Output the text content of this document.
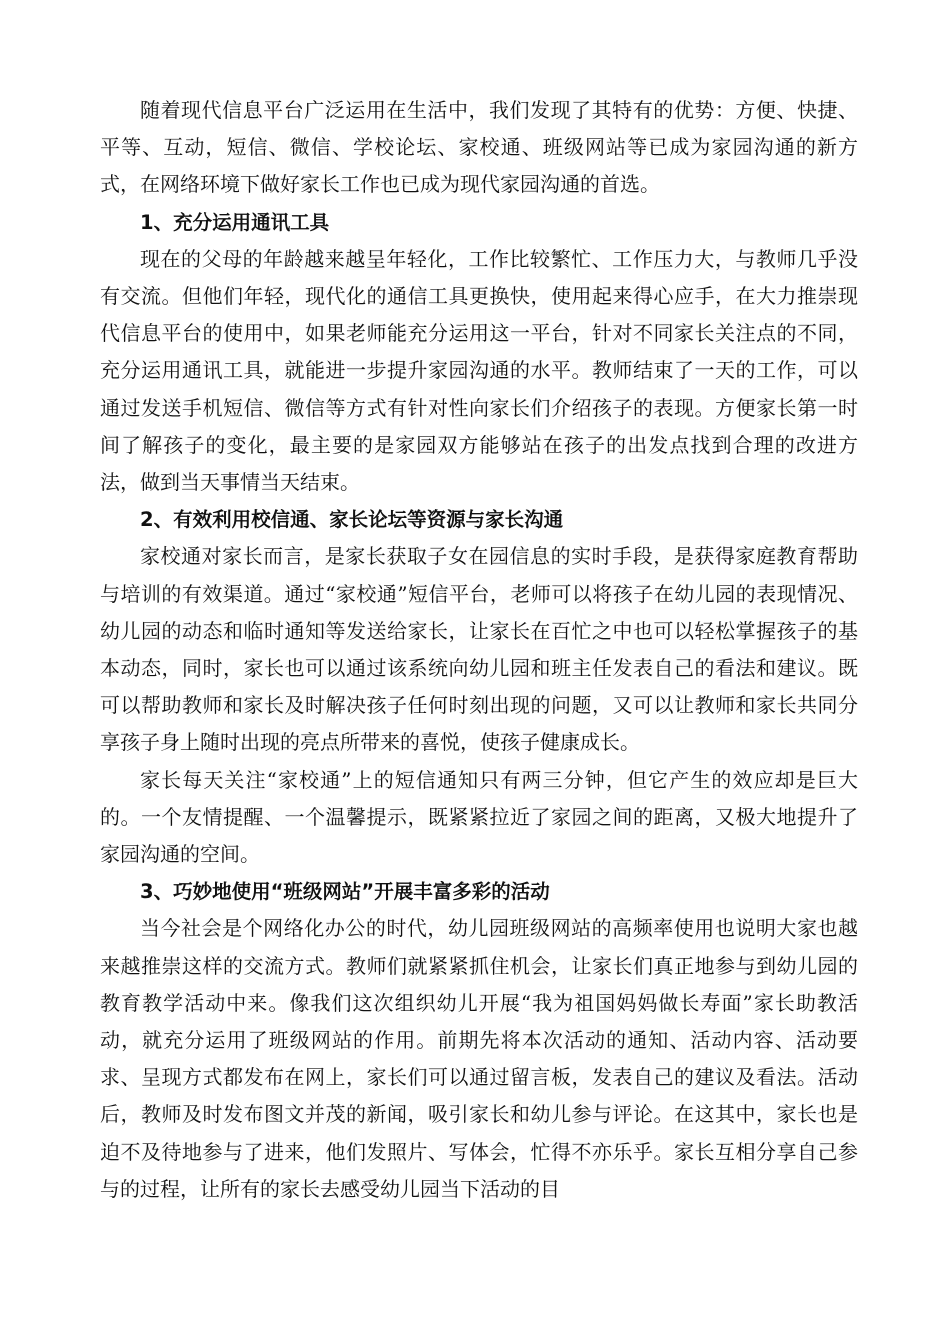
随着现代信息平台广泛运用在生活中，我们发现了其特有的优势：方便、快捷、平等、互动，短信、微信、学校论坛、家校通、班级网站等已成为家园沟通的新方式，在网络环境下做好家长工作也已成为现代家园沟通的首选。

1、充分运用通讯工具

现在的父母的年龄越来越呈年轻化，工作比较繁忙、工作压力大，与教师几乎没有交流。但他们年轻，现代化的通信工具更换快，使用起来得心应手，在大力推崇现代信息平台的使用中，如果老师能充分运用这一平台，针对不同家长关注点的不同，充分运用通讯工具，就能进一步提升家园沟通的水平。教师结束了一天的工作，可以通过发送手机短信、微信等方式有针对性向家长们介绍孩子的表现。方便家长第一时间了解孩子的变化，最主要的是家园双方能够站在孩子的出发点找到合理的改进方法，做到当天事情当天结束。

2、有效利用校信通、家长论坛等资源与家长沟通

家校通对家长而言，是家长获取子女在园信息的实时手段，是获得家庭教育帮助与培训的有效渠道。通过“家校通”短信平台，老师可以将孩子在幼儿园的表现情况、幼儿园的动态和临时通知等发送给家长，让家长在百忙之中也可以轻松掌握孩子的基本动态，同时，家长也可以通过该系统向幼儿园和班主任发表自己的看法和建议。既可以帮助教师和家长及时解决孩子任何时刻出现的问题，又可以让教师和家长共同分享孩子身上随时出现的亮点所带来的喜悦，使孩子健康成长。

家长每天关注“家校通”上的短信通知只有两三分钟，但它产生的效应却是巨大的。一个友情提醒、一个温馨提示，既紧紧拉近了家园之间的距离，又极大地提升了家园沟通的空间。

3、巧妙地使用“班级网站”开展丰富多彩的活动

当今社会是个网络化办公的时代，幼儿园班级网站的高频率使用也说明大家也越来越推崇这样的交流方式。教师们就紧紧抓住机会，让家长们真正地参与到幼儿园的教育教学活动中来。像我们这次组织幼儿开展“我为祖国妈妈做长寿面”家长助教活动，就充分运用了班级网站的作用。前期先将本次活动的通知、活动内容、活动要求、呈现方式都发布在网上，家长们可以通过留言板，发表自己的建议及看法。活动后，教师及时发布图文并茂的新闻，吸引家长和幼儿参与评论。在这其中，家长也是迫不及待地参与了进来，他们发照片、写体会，忙得不亦乐乎。家长互相分享自己参与的过程，让所有的家长去感受幼儿园当下活动的目
